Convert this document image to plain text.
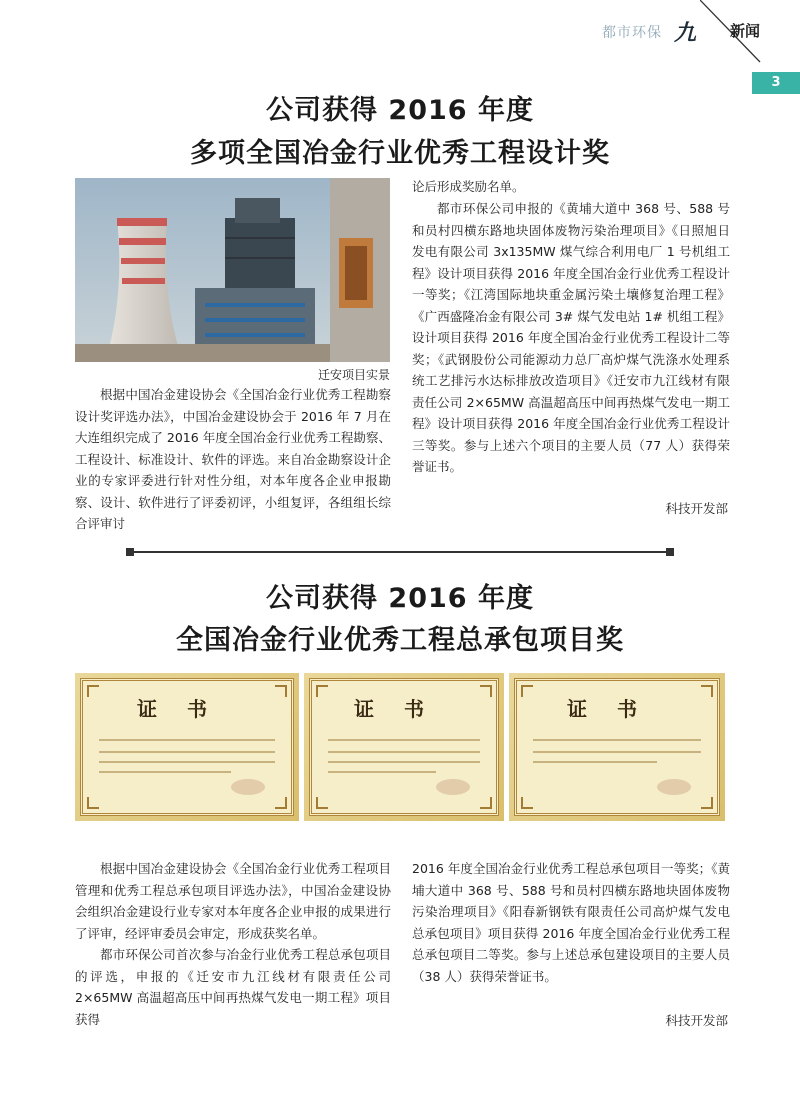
都市环保 九 新闻
3
公司获得 2016 年度
多项全国冶金行业优秀工程设计奖
迁安项目实景
根据中国冶金建设协会《全国冶金行业优秀工程勘察设计奖评选办法》，中国冶金建设协会于 2016 年 7 月在大连组织完成了 2016 年度全国冶金行业优秀工程勘察、工程设计、标准设计、软件的评选。来自冶金勘察设计企业的专家评委进行针对性分组，对本年度各企业申报勘察、设计、软件进行了评委初评，小组复评，各组组长综合评审讨
论后形成奖励名单。
都市环保公司申报的《黄埔大道中 368 号、588 号和员村四横东路地块固体废物污染治理项目》《日照旭日发电有限公司 3x135MW 煤气综合利用电厂 1 号机组工程》设计项目获得 2016 年度全国冶金行业优秀工程设计一等奖；《江湾国际地块重金属污染土壤修复治理工程》《广西盛隆冶金有限公司 3# 煤气发电站 1# 机组工程》设计项目获得 2016 年度全国冶金行业优秀工程设计二等奖；《武钢股份公司能源动力总厂高炉煤气洗涤水处理系统工艺排污水达标排放改造项目》《迁安市九江线材有限责任公司 2×65MW 高温超高压中间再热煤气发电一期工程》设计项目获得 2016 年度全国冶金行业优秀工程设计三等奖。参与上述六个项目的主要人员（77 人）获得荣誉证书。
科技开发部
公司获得 2016 年度
全国冶金行业优秀工程总承包项目奖
证书	证书	证书
根据中国冶金建设协会《全国冶金行业优秀工程项目管理和优秀工程总承包项目评选办法》，中国冶金建设协会组织冶金建设行业专家对本年度各企业申报的成果进行了评审，经评审委员会审定，形成获奖名单。
都市环保公司首次参与冶金行业优秀工程总承包项目的评选，申报的《迁安市九江线材有限责任公司 2×65MW 高温超高压中间再热煤气发电一期工程》项目获得
2016 年度全国冶金行业优秀工程总承包项目一等奖；《黄埔大道中 368 号、588 号和员村四横东路地块固体废物污染治理项目》《阳春新钢铁有限责任公司高炉煤气发电总承包项目》项目获得 2016 年度全国冶金行业优秀工程总承包项目二等奖。参与上述总承包建设项目的主要人员（38 人）获得荣誉证书。
科技开发部
